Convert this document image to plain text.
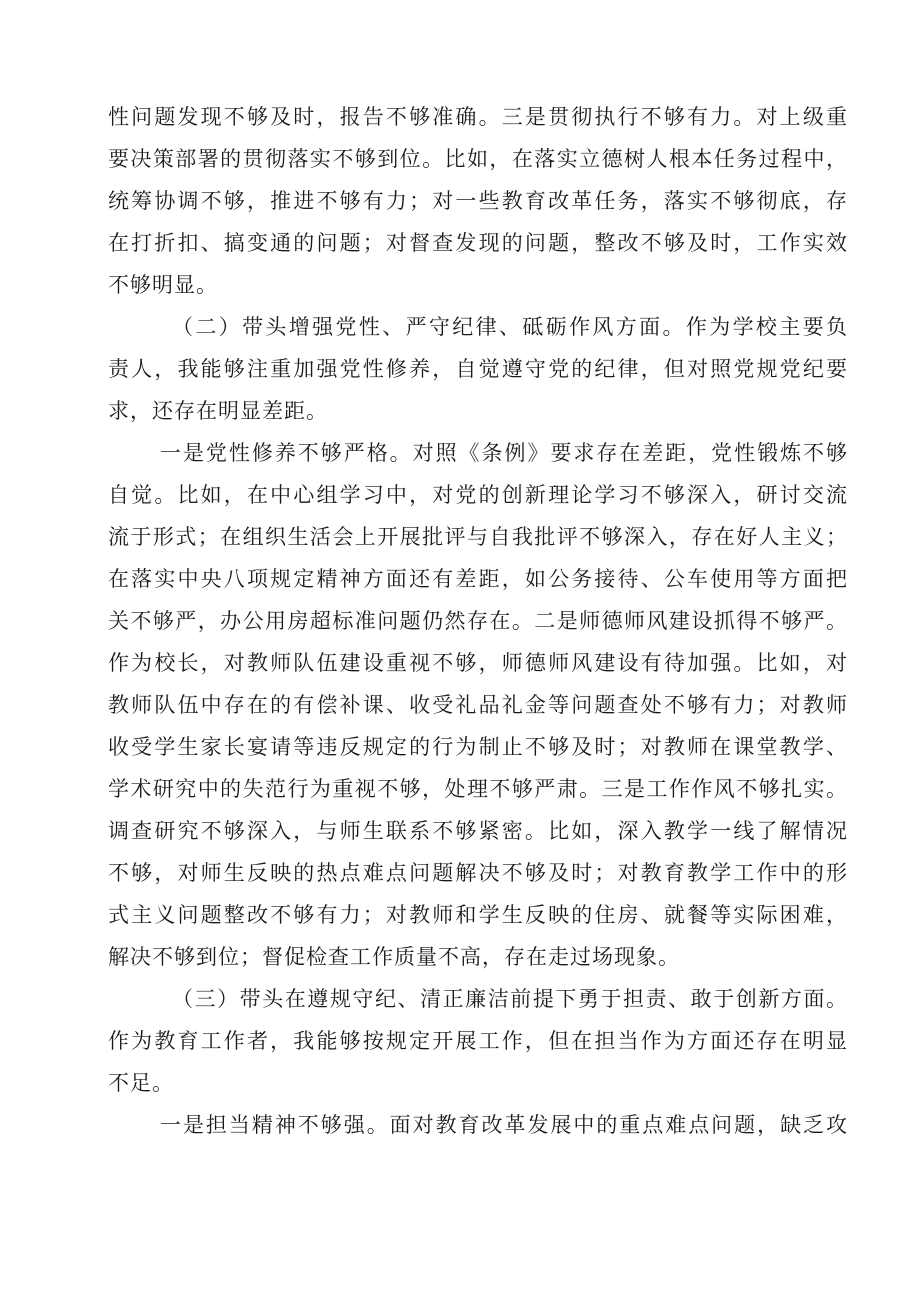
性问题发现不够及时，报告不够准确。三是贯彻执行不够有力。对上级重
要决策部署的贯彻落实不够到位。比如，在落实立德树人根本任务过程中，
统筹协调不够，推进不够有力；对一些教育改革任务，落实不够彻底，存
在打折扣、搞变通的问题；对督查发现的问题，整改不够及时，工作实效
不够明显。
（二）带头增强党性、严守纪律、砥砺作风方面。作为学校主要负
责人，我能够注重加强党性修养，自觉遵守党的纪律，但对照党规党纪要
求，还存在明显差距。
一是党性修养不够严格。对照《条例》要求存在差距，党性锻炼不够
自觉。比如，在中心组学习中，对党的创新理论学习不够深入，研讨交流
流于形式；在组织生活会上开展批评与自我批评不够深入，存在好人主义；
在落实中央八项规定精神方面还有差距，如公务接待、公车使用等方面把
关不够严，办公用房超标准问题仍然存在。二是师德师风建设抓得不够严。
作为校长，对教师队伍建设重视不够，师德师风建设有待加强。比如，对
教师队伍中存在的有偿补课、收受礼品礼金等问题查处不够有力；对教师
收受学生家长宴请等违反规定的行为制止不够及时；对教师在课堂教学、
学术研究中的失范行为重视不够，处理不够严肃。三是工作作风不够扎实。
调查研究不够深入，与师生联系不够紧密。比如，深入教学一线了解情况
不够，对师生反映的热点难点问题解决不够及时；对教育教学工作中的形
式主义问题整改不够有力；对教师和学生反映的住房、就餐等实际困难，
解决不够到位；督促检查工作质量不高，存在走过场现象。
（三）带头在遵规守纪、清正廉洁前提下勇于担责、敢于创新方面。
作为教育工作者，我能够按规定开展工作，但在担当作为方面还存在明显
不足。
一是担当精神不够强。面对教育改革发展中的重点难点问题，缺乏攻
